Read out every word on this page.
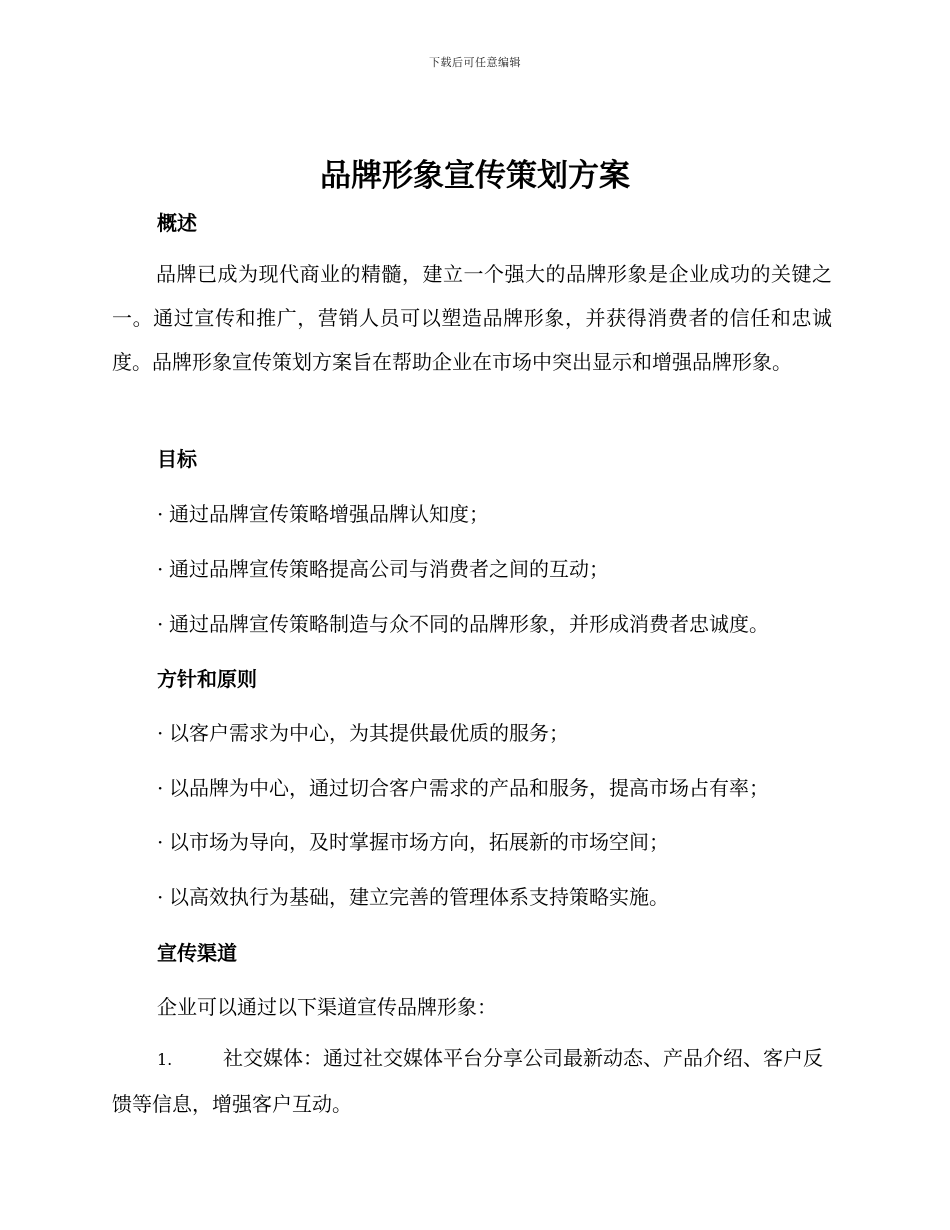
下载后可任意编辑
品牌形象宣传策划方案
概述

品牌已成为现代商业的精髓，建立一个强大的品牌形象是企业成功的关键之一。通过宣传和推广，营销人员可以塑造品牌形象，并获得消费者的信任和忠诚度。品牌形象宣传策划方案旨在帮助企业在市场中突出显示和增强品牌形象。

目标

· 通过品牌宣传策略增强品牌认知度；

· 通过品牌宣传策略提高公司与消费者之间的互动；

· 通过品牌宣传策略制造与众不同的品牌形象，并形成消费者忠诚度。

方针和原则

· 以客户需求为中心，为其提供最优质的服务；

· 以品牌为中心，通过切合客户需求的产品和服务，提高市场占有率；

· 以市场为导向，及时掌握市场方向，拓展新的市场空间；

· 以高效执行为基础，建立完善的管理体系支持策略实施。

宣传渠道

企业可以通过以下渠道宣传品牌形象：

1.	社交媒体：通过社交媒体平台分享公司最新动态、产品介绍、客户反馈等信息，增强客户互动。
